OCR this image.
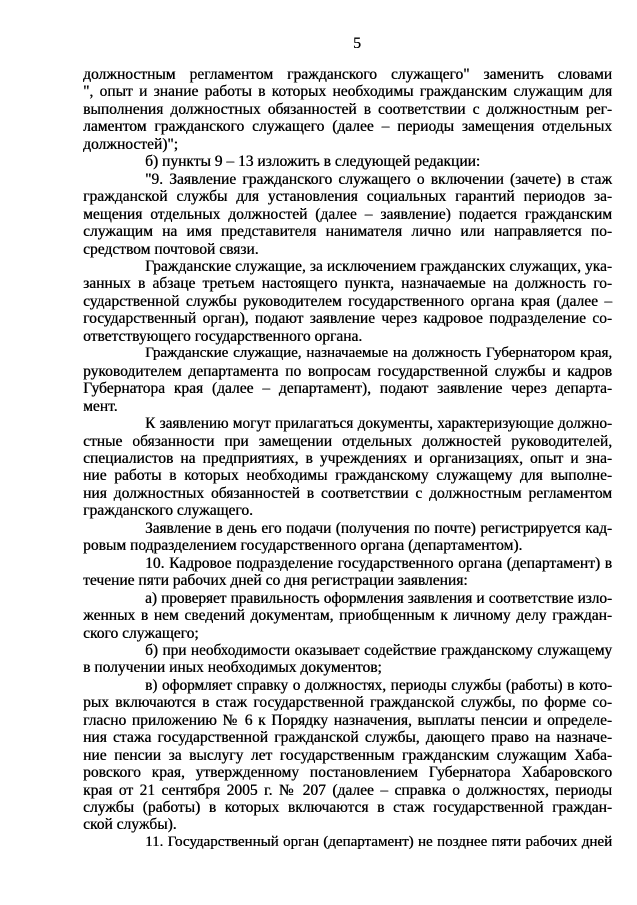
5
должностным регламентом гражданского служащего" заменить словами
", опыт и знание работы в которых необходимы гражданским служащим для
выполнения должностных обязанностей в соответствии с должностным рег-
ламентом гражданского служащего (далее – периоды замещения отдельных
должностей)";
б) пункты 9 – 13 изложить в следующей редакции:
"9. Заявление гражданского служащего о включении (зачете) в стаж
гражданской службы для установления социальных гарантий периодов за-
мещения отдельных должностей (далее – заявление) подается гражданским
служащим на имя представителя нанимателя лично или направляется по-
средством почтовой связи.
Гражданские служащие, за исключением гражданских служащих, ука-
занных в абзаце третьем настоящего пункта, назначаемые на должность го-
сударственной службы руководителем государственного органа края (далее –
государственный орган), подают заявление через кадровое подразделение со-
ответствующего государственного органа.
Гражданские служащие, назначаемые на должность Губернатором края,
руководителем департамента по вопросам государственной службы и кадров
Губернатора края (далее – департамент), подают заявление через департа-
мент.
К заявлению могут прилагаться документы, характеризующие должно-
стные обязанности при замещении отдельных должностей руководителей,
специалистов на предприятиях, в учреждениях и организациях, опыт и зна-
ние работы в которых необходимы гражданскому служащему для выполне-
ния должностных обязанностей в соответствии с должностным регламентом
гражданского служащего.
Заявление в день его подачи (получения по почте) регистрируется кад-
ровым подразделением государственного органа (департаментом).
10. Кадровое подразделение государственного органа (департамент) в
течение пяти рабочих дней со дня регистрации заявления:
а) проверяет правильность оформления заявления и соответствие изло-
женных в нем сведений документам, приобщенным к личному делу граждан-
ского служащего;
б) при необходимости оказывает содействие гражданскому служащему
в получении иных необходимых документов;
в) оформляет справку о должностях, периоды службы (работы) в кото-
рых включаются в стаж государственной гражданской службы, по форме со-
гласно приложению № 6 к Порядку назначения, выплаты пенсии и определе-
ния стажа государственной гражданской службы, дающего право на назначе-
ние пенсии за выслугу лет государственным гражданским служащим Хаба-
ровского края, утвержденному постановлением Губернатора Хабаровского
края от 21 сентября 2005 г. № 207 (далее – справка о должностях, периоды
службы (работы) в которых включаются в стаж государственной граждан-
ской службы).
11. Государственный орган (департамент) не позднее пяти рабочих дней
